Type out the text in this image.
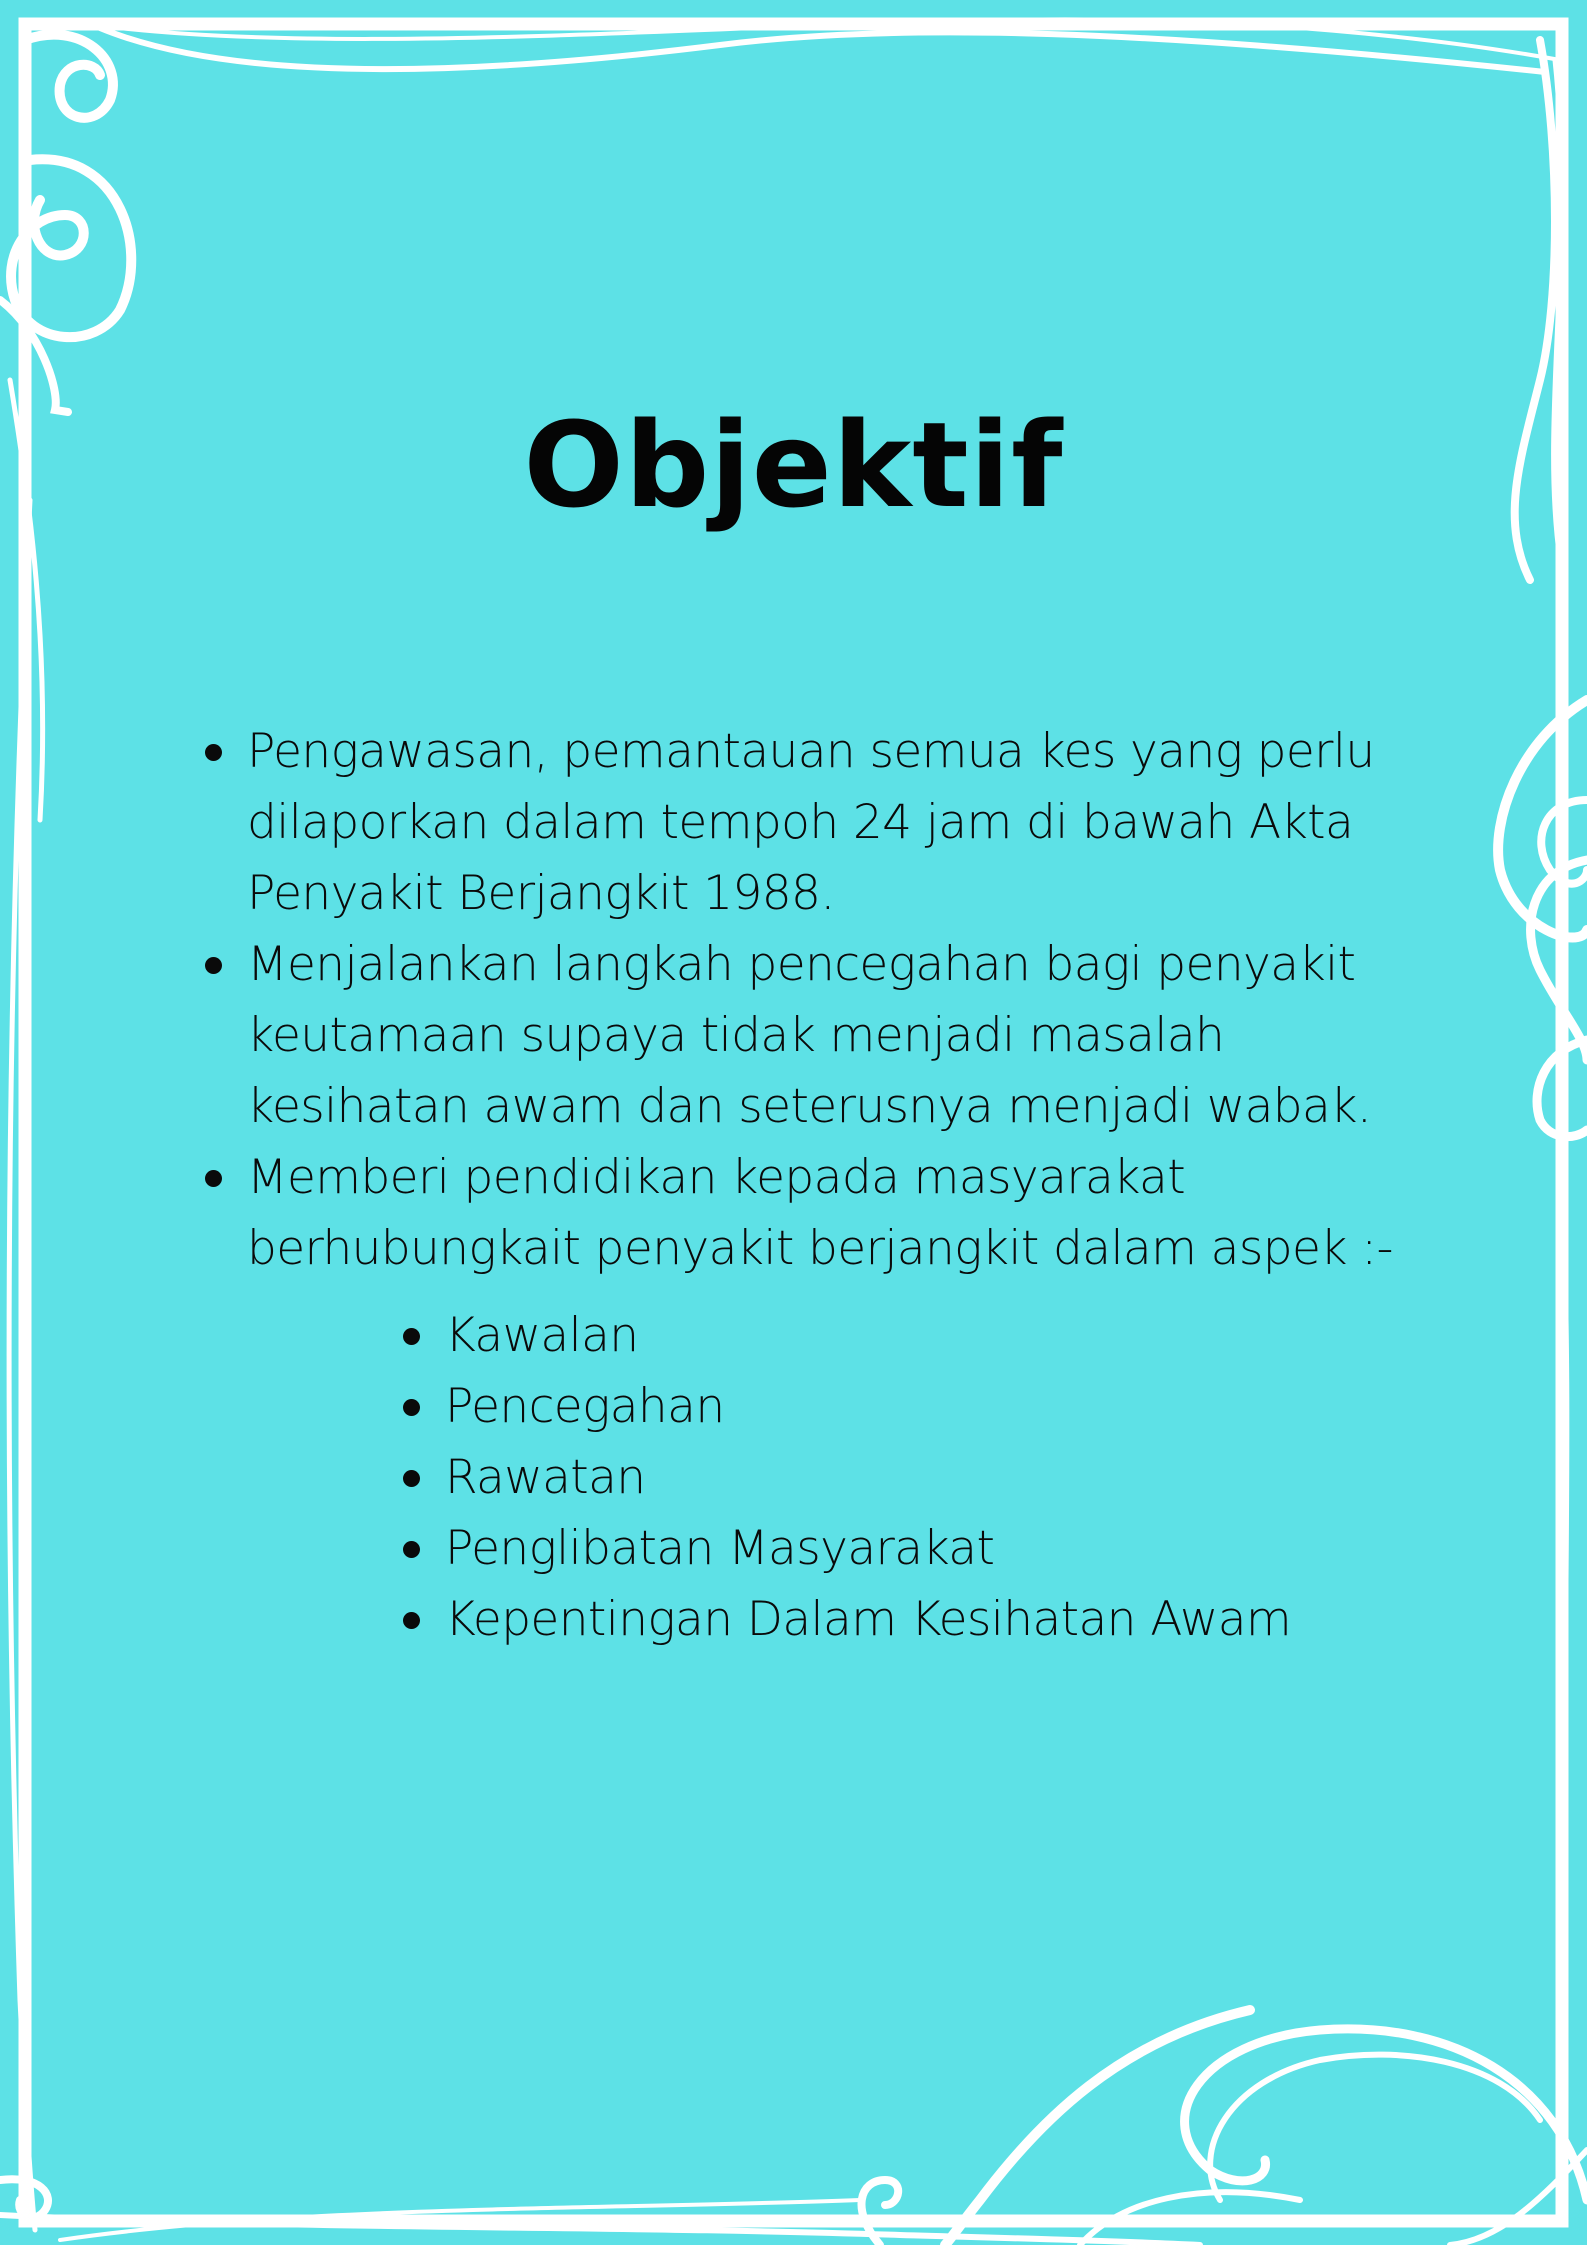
Objektif
Pengawasan, pemantauan semua kes yang perlu
dilaporkan dalam tempoh 24 jam di bawah Akta
Penyakit Berjangkit 1988.
Menjalankan langkah pencegahan bagi penyakit
keutamaan supaya tidak menjadi masalah
kesihatan awam dan seterusnya menjadi wabak.
Memberi pendidikan kepada masyarakat
berhubungkait penyakit berjangkit dalam aspek :-
Kawalan
Pencegahan
Rawatan
Penglibatan Masyarakat
Kepentingan Dalam Kesihatan Awam
